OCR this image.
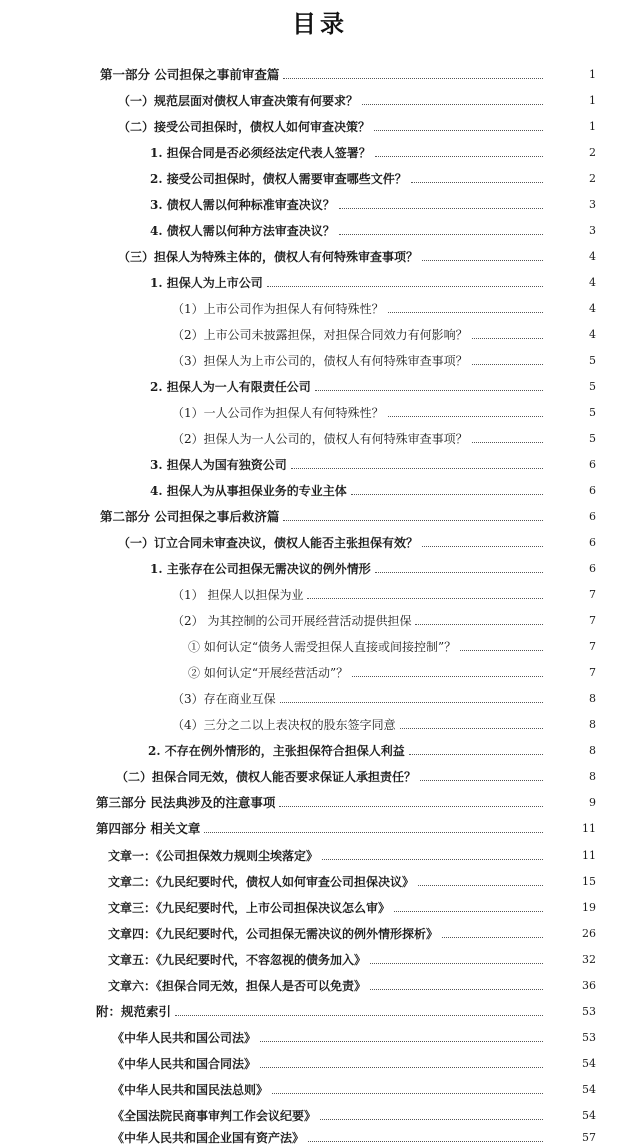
目录
第一部分 公司担保之事前审查篇	1
（一）规范层面对债权人审查决策有何要求？	1
（二）接受公司担保时，债权人如何审查决策？	1
1. 担保合同是否必须经法定代表人签署？	2
2. 接受公司担保时，债权人需要审查哪些文件？	2
3. 债权人需以何种标准审查决议？	3
4. 债权人需以何种方法审查决议？	3
（三）担保人为特殊主体的，债权人有何特殊审查事项？	4
1. 担保人为上市公司	4
（1）上市公司作为担保人有何特殊性？	4
（2）上市公司未披露担保，对担保合同效力有何影响？	4
（3）担保人为上市公司的，债权人有何特殊审查事项？	5
2. 担保人为一人有限责任公司	5
（1）一人公司作为担保人有何特殊性？	5
（2）担保人为一人公司的，债权人有何特殊审查事项？	5
3. 担保人为国有独资公司	6
4. 担保人为从事担保业务的专业主体	6
第二部分 公司担保之事后救济篇	6
（一）订立合同未审查决议，债权人能否主张担保有效？	6
1. 主张存在公司担保无需决议的例外情形	6
（1） 担保人以担保为业	7
（2） 为其控制的公司开展经营活动提供担保	7
① 如何认定“债务人需受担保人直接或间接控制”？	7
② 如何认定“开展经营活动”？	7
（3）存在商业互保	8
（4）三分之二以上表决权的股东签字同意	8
2. 不存在例外情形的，主张担保符合担保人利益	8
（二）担保合同无效，债权人能否要求保证人承担责任？	8
第三部分 民法典涉及的注意事项	9
第四部分 相关文章	11
文章一：《公司担保效力规则尘埃落定》	11
文章二：《九民纪要时代，债权人如何审查公司担保决议》	15
文章三：《九民纪要时代，上市公司担保决议怎么审》	19
文章四：《九民纪要时代，公司担保无需决议的例外情形探析》	26
文章五：《九民纪要时代，不容忽视的债务加入》	32
文章六：《担保合同无效，担保人是否可以免责》	36
附：规范索引	53
《中华人民共和国公司法》	53
《中华人民共和国合同法》	54
《中华人民共和国民法总则》	54
《全国法院民商事审判工作会议纪要》	54
《中华人民共和国企业国有资产法》	57
